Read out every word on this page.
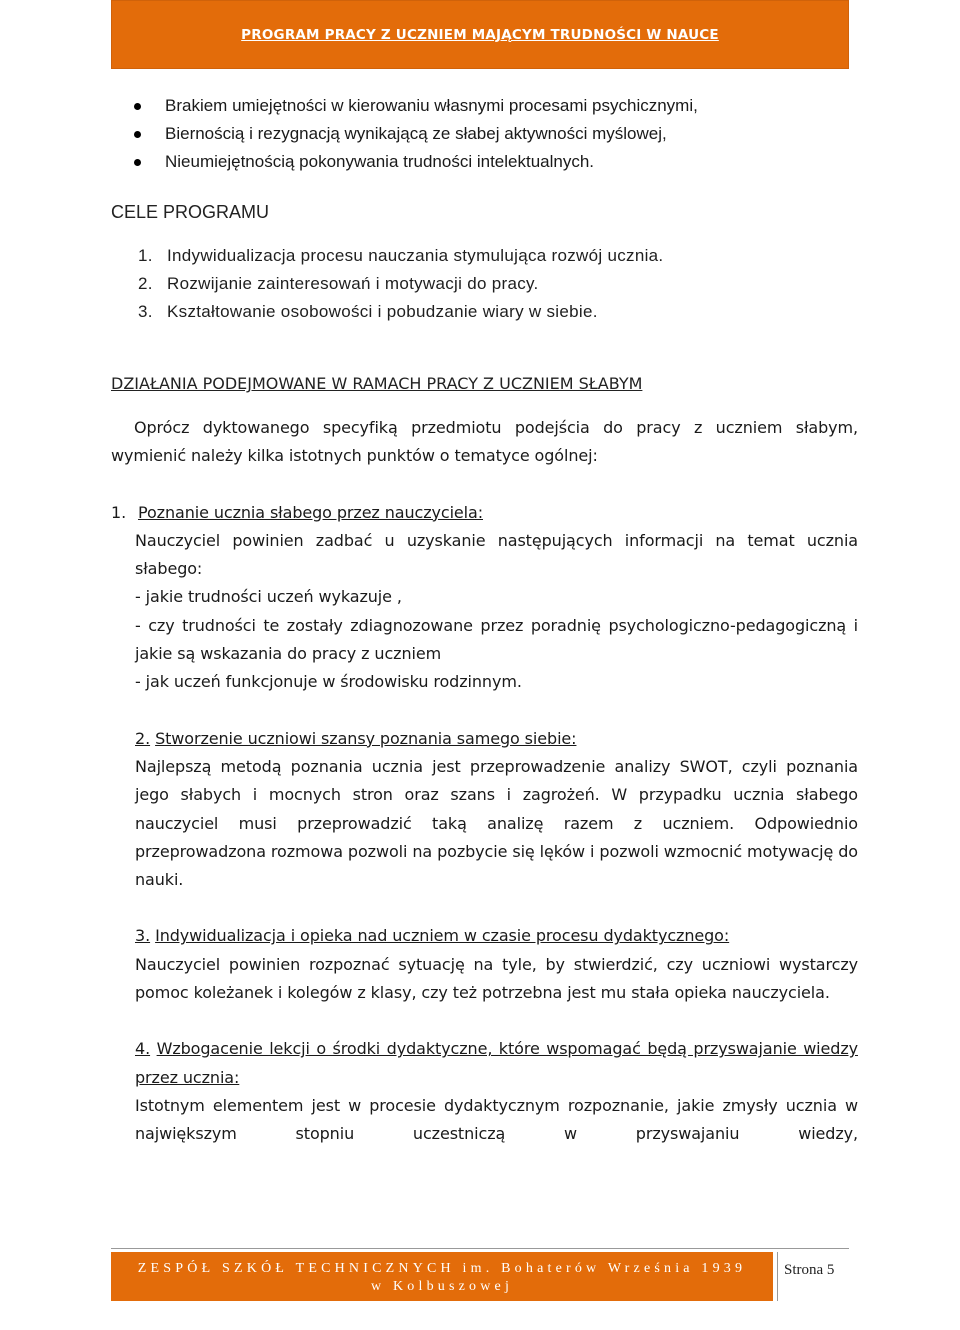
PROGRAM PRACY Z UCZNIEM MAJĄCYM TRUDNOŚCI W NAUCE
Brakiem umiejętności w kierowaniu własnymi procesami psychicznymi,
Biernością i rezygnacją wynikającą ze słabej aktywności myślowej,
Nieumiejętnością pokonywania trudności intelektualnych.
CELE PROGRAMU
1. Indywidualizacja procesu nauczania stymulująca rozwój ucznia.
2. Rozwijanie zainteresowań i motywacji do pracy.
3. Kształtowanie osobowości i pobudzanie wiary w siebie.
DZIAŁANIA PODEJMOWANE W RAMACH PRACY Z UCZNIEM SŁABYM

Oprócz dyktowanego specyfiką przedmiotu podejścia do pracy z uczniem słabym, wymienić należy kilka istotnych punktów o tematyce ogólnej:

1. Poznanie ucznia słabego przez nauczyciela:

Nauczyciel powinien zadbać u uzyskanie następujących informacji na temat ucznia słabego:

- jakie trudności uczeń wykazuje ,

- czy trudności te zostały zdiagnozowane przez poradnię psychologiczno-pedagogiczną i jakie są wskazania do pracy z uczniem

- jak uczeń funkcjonuje w środowisku rodzinnym.

2. Stworzenie uczniowi szansy poznania samego siebie:

Najlepszą metodą poznania ucznia jest przeprowadzenie analizy SWOT, czyli poznania jego słabych i mocnych stron oraz szans i zagrożeń. W przypadku ucznia słabego nauczyciel musi przeprowadzić taką analizę razem z uczniem. Odpowiednio przeprowadzona rozmowa pozwoli na pozbycie się lęków i pozwoli wzmocnić motywację do nauki.

3. Indywidualizacja i opieka nad uczniem w czasie procesu dydaktycznego:

Nauczyciel powinien rozpoznać sytuację na tyle, by stwierdzić, czy uczniowi wystarczy pomoc koleżanek i kolegów z klasy, czy też potrzebna jest mu stała opieka nauczyciela.

4. Wzbogacenie lekcji o środki dydaktyczne, które wspomagać będą przyswajanie wiedzy przez ucznia:

Istotnym elementem jest w procesie dydaktycznym rozpoznanie, jakie zmysły ucznia w największym stopniu uczestniczą w przyswajaniu wiedzy,

ZESPÓŁ SZKÓŁ TECHNICZNYCH im. Bohaterów Września 1939
w Kolbuszowej
Strona 5
